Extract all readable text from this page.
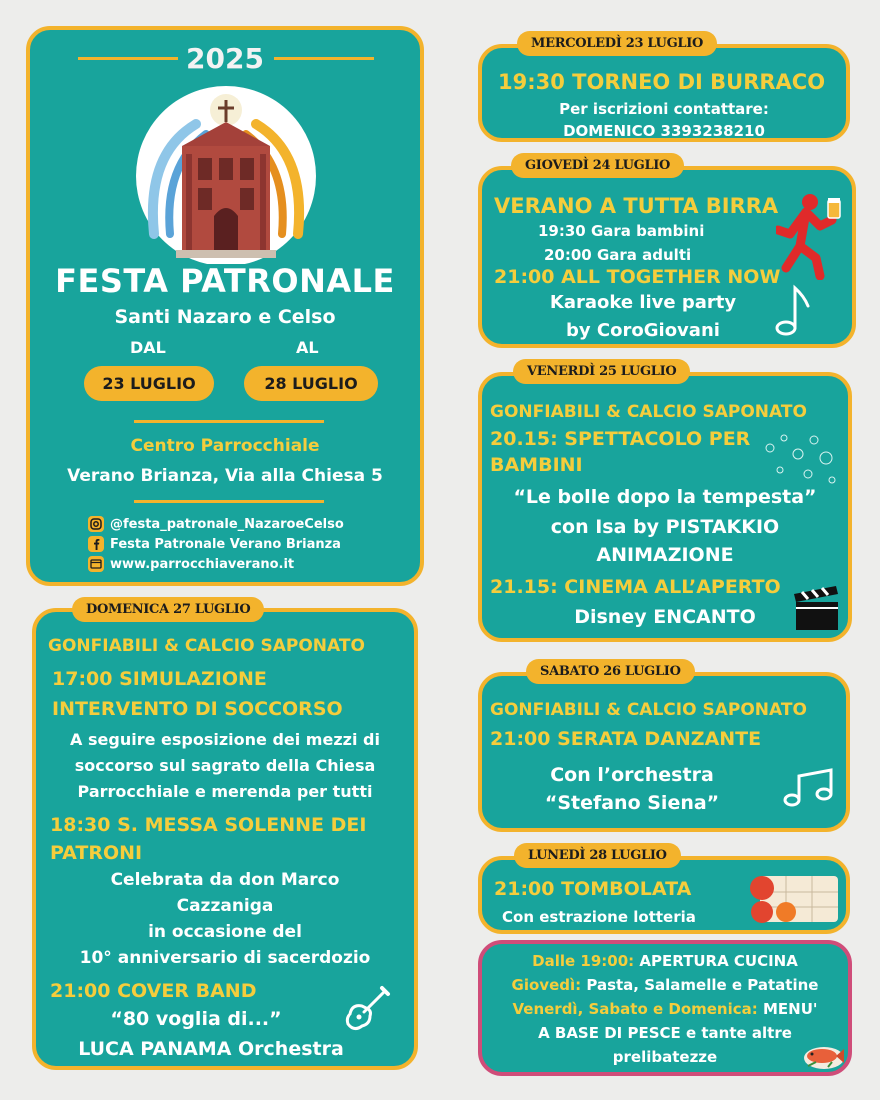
2025
FESTA PATRONALE
Santi Nazaro e Celso
DAL	AL
23 LUGLIO	28 LUGLIO
Centro Parrocchiale
Verano Brianza, Via alla Chiesa 5
@festa_patronale_NazaroeCelso
Festa Patronale Verano Brianza
www.parrocchiaverano.it
19:30 TORNEO DI BURRACO
Per iscrizioni contattare:
DOMENICO 3393238210
MERCOLEDÌ 23 LUGLIO
VERANO A TUTTA BIRRA
19:30 Gara bambini
20:00 Gara adulti
21:00 ALL TOGETHER NOW
Karaoke live party
by CoroGiovani
GIOVEDÌ 24 LUGLIO
GONFIABILI & CALCIO SAPONATO
20.15: SPETTACOLO PER
BAMBINI
“Le bolle dopo la tempesta”
con Isa by PISTAKKIO
ANIMAZIONE
21.15: CINEMA ALL’APERTO
Disney ENCANTO
VENERDÌ 25 LUGLIO
GONFIABILI & CALCIO SAPONATO
21:00 SERATA DANZANTE
Con l’orchestra
“Stefano Siena”
SABATO 26 LUGLIO
21:00 TOMBOLATA
Con estrazione lotteria
LUNEDÌ 28 LUGLIO
Dalle 19:00: APERTURA CUCINA
Giovedì: Pasta, Salamelle e Patatine
Venerdì, Sabato e Domenica: MENU'
A BASE DI PESCE e tante altre
prelibatezze
GONFIABILI & CALCIO SAPONATO
17:00 SIMULAZIONE
INTERVENTO DI SOCCORSO
A seguire esposizione dei mezzi di
soccorso sul sagrato della Chiesa
Parrocchiale e merenda per tutti
18:30 S. MESSA SOLENNE DEI
PATRONI
Celebrata da don Marco
Cazzaniga
in occasione del
10° anniversario di sacerdozio
21:00 COVER BAND
“80 voglia di...”
LUCA PANAMA Orchestra
DOMENICA 27 LUGLIO
